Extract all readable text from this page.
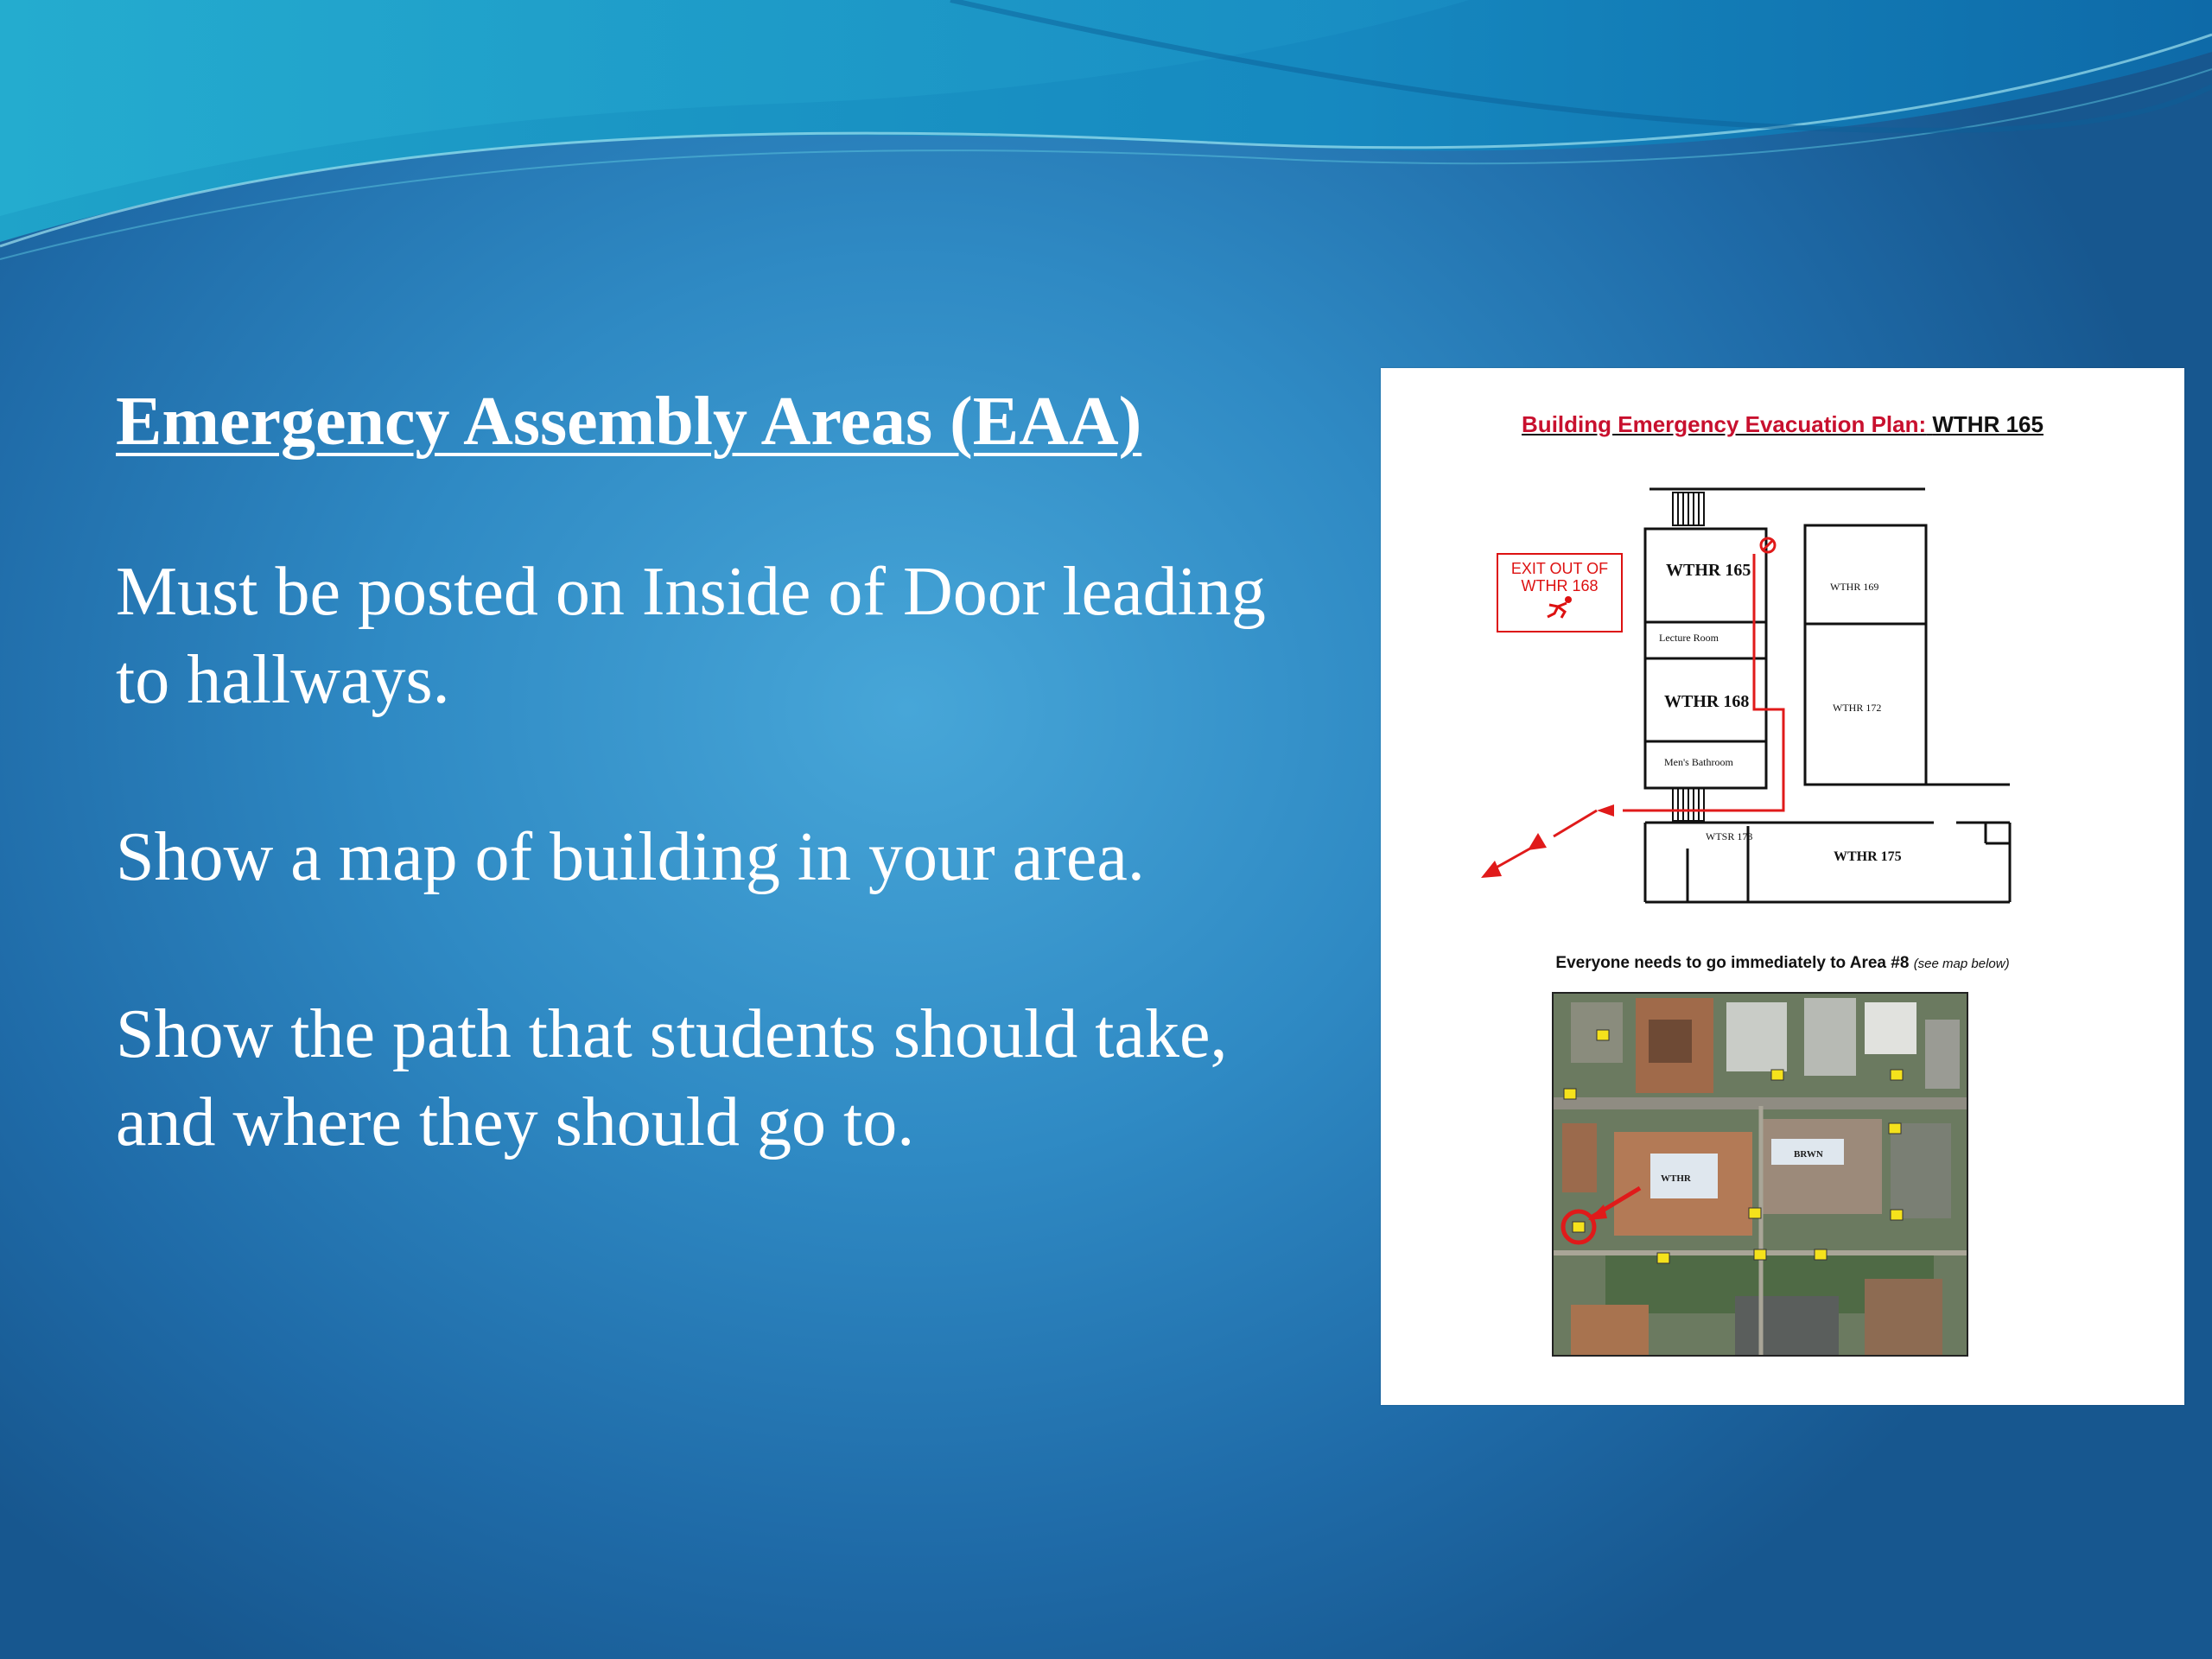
Emergency Assembly Areas (EAA)

Must be posted on Inside of Door leading to hallways.

Show a map of building in your area.

Show the path that students should take, and where they should go to.

Building Emergency Evacuation Plan: WTHR 165
WTHR 165
Lecture Room
WTHR 168
Men's Bathroom
WTHR 169
WTHR 172
WTSR 173
WTHR 175
EXIT OUT OF
WTHR 168
Everyone needs to go immediately to Area #8 (see map below)
WTHR
BRWN
